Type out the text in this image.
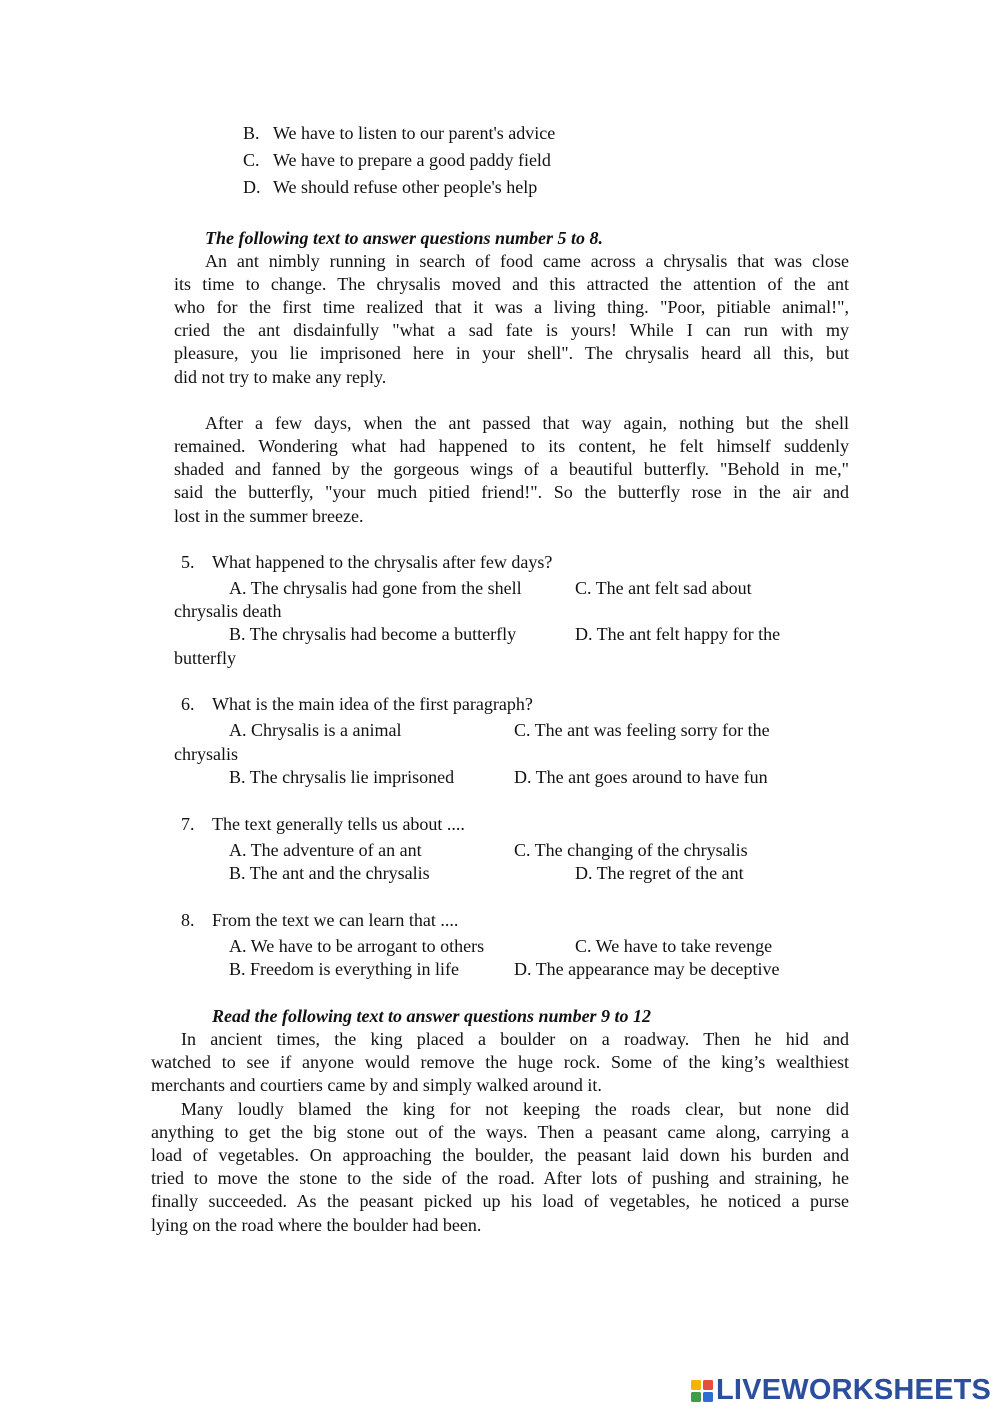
B. We have to listen to our parent's advice
C. We have to prepare a good paddy field
D. We should refuse other people's help
The following text to answer questions number 5 to 8.
An ant nimbly running in search of food came across a chrysalis that was close
its time to change. The chrysalis moved and this attracted the attention of the ant
who for the first time realized that it was a living thing. "Poor, pitiable animal!",
cried the ant disdainfully "what a sad fate is yours! While I can run with my
pleasure, you lie imprisoned here in your shell". The chrysalis heard all this, but
did not try to make any reply.
After a few days, when the ant passed that way again, nothing but the shell
remained. Wondering what had happened to its content, he felt himself suddenly
shaded and fanned by the gorgeous wings of a beautiful butterfly. "Behold in me,"
said the butterfly, "your much pitied friend!". So the butterfly rose in the air and
lost in the summer breeze.
5. What happened to the chrysalis after few days?
A. The chrysalis had gone from the shell	C. The ant felt sad about
chrysalis death
B. The chrysalis had become a butterfly	D. The ant felt happy for the
butterfly
6. What is the main idea of the first paragraph?
A. Chrysalis is a animal	C. The ant was feeling sorry for the
chrysalis
B. The chrysalis lie imprisoned	D. The ant goes around to have fun
7. The text generally tells us about ....
A. The adventure of an ant	C. The changing of the chrysalis
B. The ant and the chrysalis	D. The regret of the ant
8. From the text we can learn that ....
A. We have to be arrogant to others	C. We have to take revenge
B. Freedom is everything in life	D. The appearance may be deceptive
Read the following text to answer questions number 9 to 12
In ancient times, the king placed a boulder on a roadway. Then he hid and
watched to see if anyone would remove the huge rock. Some of the king’s wealthiest
merchants and courtiers came by and simply walked around it.
Many loudly blamed the king for not keeping the roads clear, but none did
anything to get the big stone out of the ways. Then a peasant came along, carrying a
load of vegetables. On approaching the boulder, the peasant laid down his burden and
tried to move the stone to the side of the road. After lots of pushing and straining, he
finally succeeded. As the peasant picked up his load of vegetables, he noticed a purse
lying on the road where the boulder had been.
LIVEWORKSHEETS
